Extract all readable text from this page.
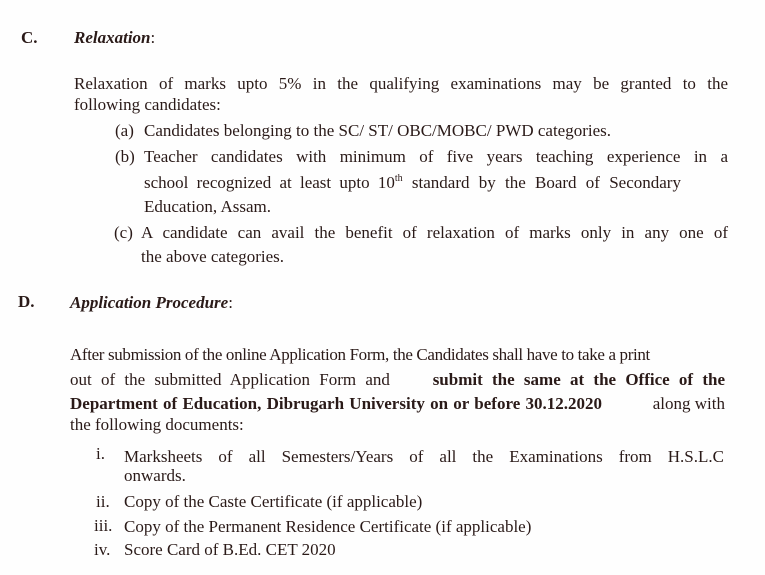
C. Relaxation:
Relaxation of marks upto 5% in the qualifying examinations may be granted to the
following candidates:
(a) Candidates belonging to the SC/ ST/ OBC/MOBC/ PWD categories.
(b) Teacher candidates with minimum of five years teaching experience in a
school recognized at least upto 10th standard by the Board of Secondary
Education, Assam.
(c) A candidate can avail the benefit of relaxation of marks only in any one of
the above categories.
D. Application Procedure:
After submission of the online Application Form, the Candidates shall have to take a print
out of the submitted Application Form and	submit the same at the Office of the
Department of Education, Dibrugarh University on or before 30.12.2020	along with
the following documents:
i. Marksheets of all Semesters/Years of all the Examinations from H.S.L.C
onwards.
ii. Copy of the Caste Certificate (if applicable)
iii. Copy of the Permanent Residence Certificate (if applicable)
iv. Score Card of B.Ed. CET 2020
